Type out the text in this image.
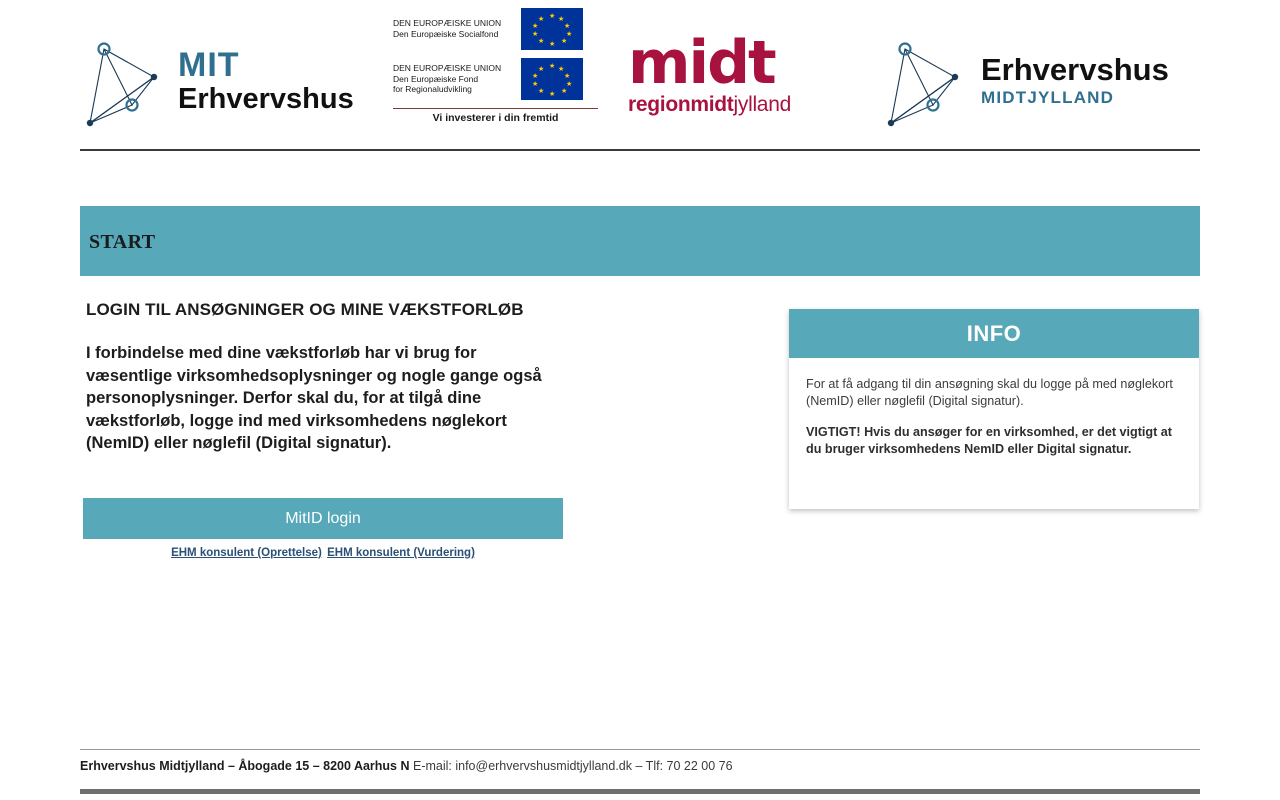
MIT
Erhvervshus
DEN EUROPÆISKE UNION
Den Europæiske Socialfond
★ ★
★
★
★
★
★
★
★
★
DEN EUROPÆISKE UNION
Den Europæiske Fond
for Regionaludvikling
★ ★
★
★
★
★
★
★
★
★
Vi investerer i din fremtid
midt
regionmidtjylland
Erhvervshus
MIDTJYLLAND
START
LOGIN TIL ANSØGNINGER OG MINE VÆKSTFORLØB

I forbindelse med dine vækstforløb har vi brug for væsentlige virksomhedsoplysninger og nogle gange også personoplysninger. Derfor skal du, for at tilgå dine vækstforløb, logge ind med virksomhedens nøglekort (NemID) eller nøglefil (Digital signatur).

MitID login
EHM konsulent (Oprettelse) EHM konsulent (Vurdering)
INFO

For at få adgang til din ansøgning skal du logge på med nøglekort (NemID) eller nøglefil (Digital signatur).

VIGTIGT! Hvis du ansøger for en virksomhed, er det vigtigt at du bruger virksomhedens NemID eller Digital signatur.

Erhvervshus Midtjylland – Åbogade 15 – 8200 Aarhus N E-mail: info@erhvervshusmidtjylland.dk – Tlf: 70 22 00 76
